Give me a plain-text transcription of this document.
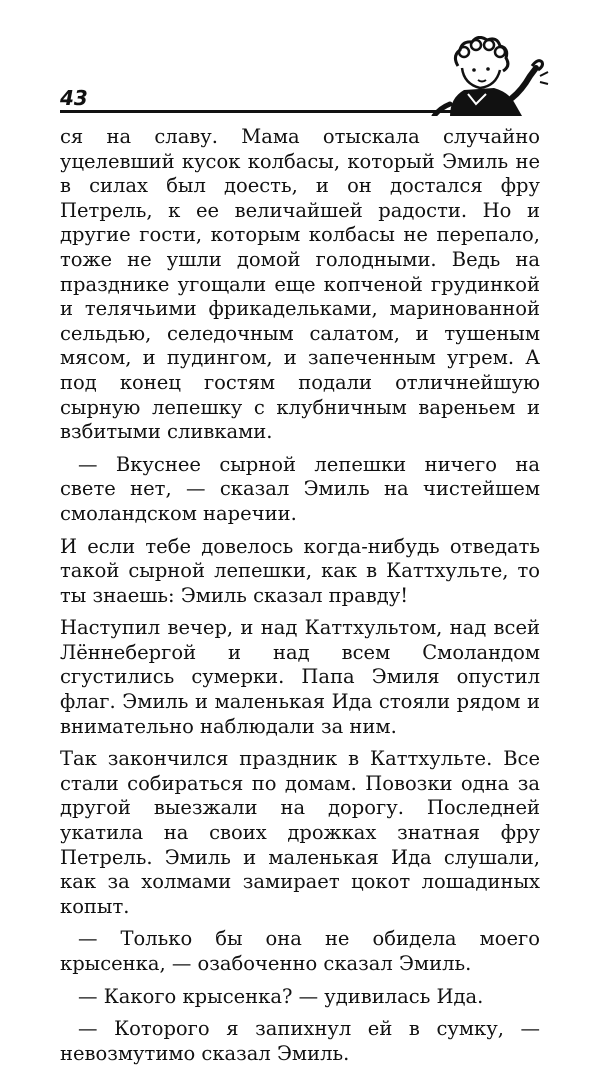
43

ся на славу. Мама отыскала случайно уцелевший кусок колбасы, который Эмиль не в силах был доесть, и он достался фру Петрель, к ее величайшей радости. Но и другие гости, которым колбасы не перепало, тоже не ушли домой голодными. Ведь на празднике угощали еще копченой грудинкой и телячьими фрикадельками, маринованной сельдью, селедочным салатом, и тушеным мясом, и пудингом, и запеченным угрем. А под конец гостям подали отличнейшую сырную лепешку с клубничным вареньем и взбитыми сливками.

— Вкуснее сырной лепешки ничего на свете нет, — сказал Эмиль на чистейшем смоландском наречии.

И если тебе довелось когда-нибудь отведать такой сырной лепешки, как в Каттхульте, то ты знаешь: Эмиль сказал правду!

Наступил вечер, и над Каттхультом, над всей Лённебергой и над всем Смоландом сгустились сумерки. Папа Эмиля опустил флаг. Эмиль и маленькая Ида стояли рядом и внимательно наблюдали за ним.

Так закончился праздник в Каттхульте. Все стали собираться по домам. Повозки одна за другой выезжали на дорогу. Последней укатила на своих дрожках знатная фру Петрель. Эмиль и маленькая Ида слушали, как за холмами замирает цокот лошадиных копыт.

— Только бы она не обидела моего крысенка, — озабоченно сказал Эмиль.

— Какого крысенка? — удивилась Ида.

— Которого я запихнул ей в сумку, — невозмутимо сказал Эмиль.
